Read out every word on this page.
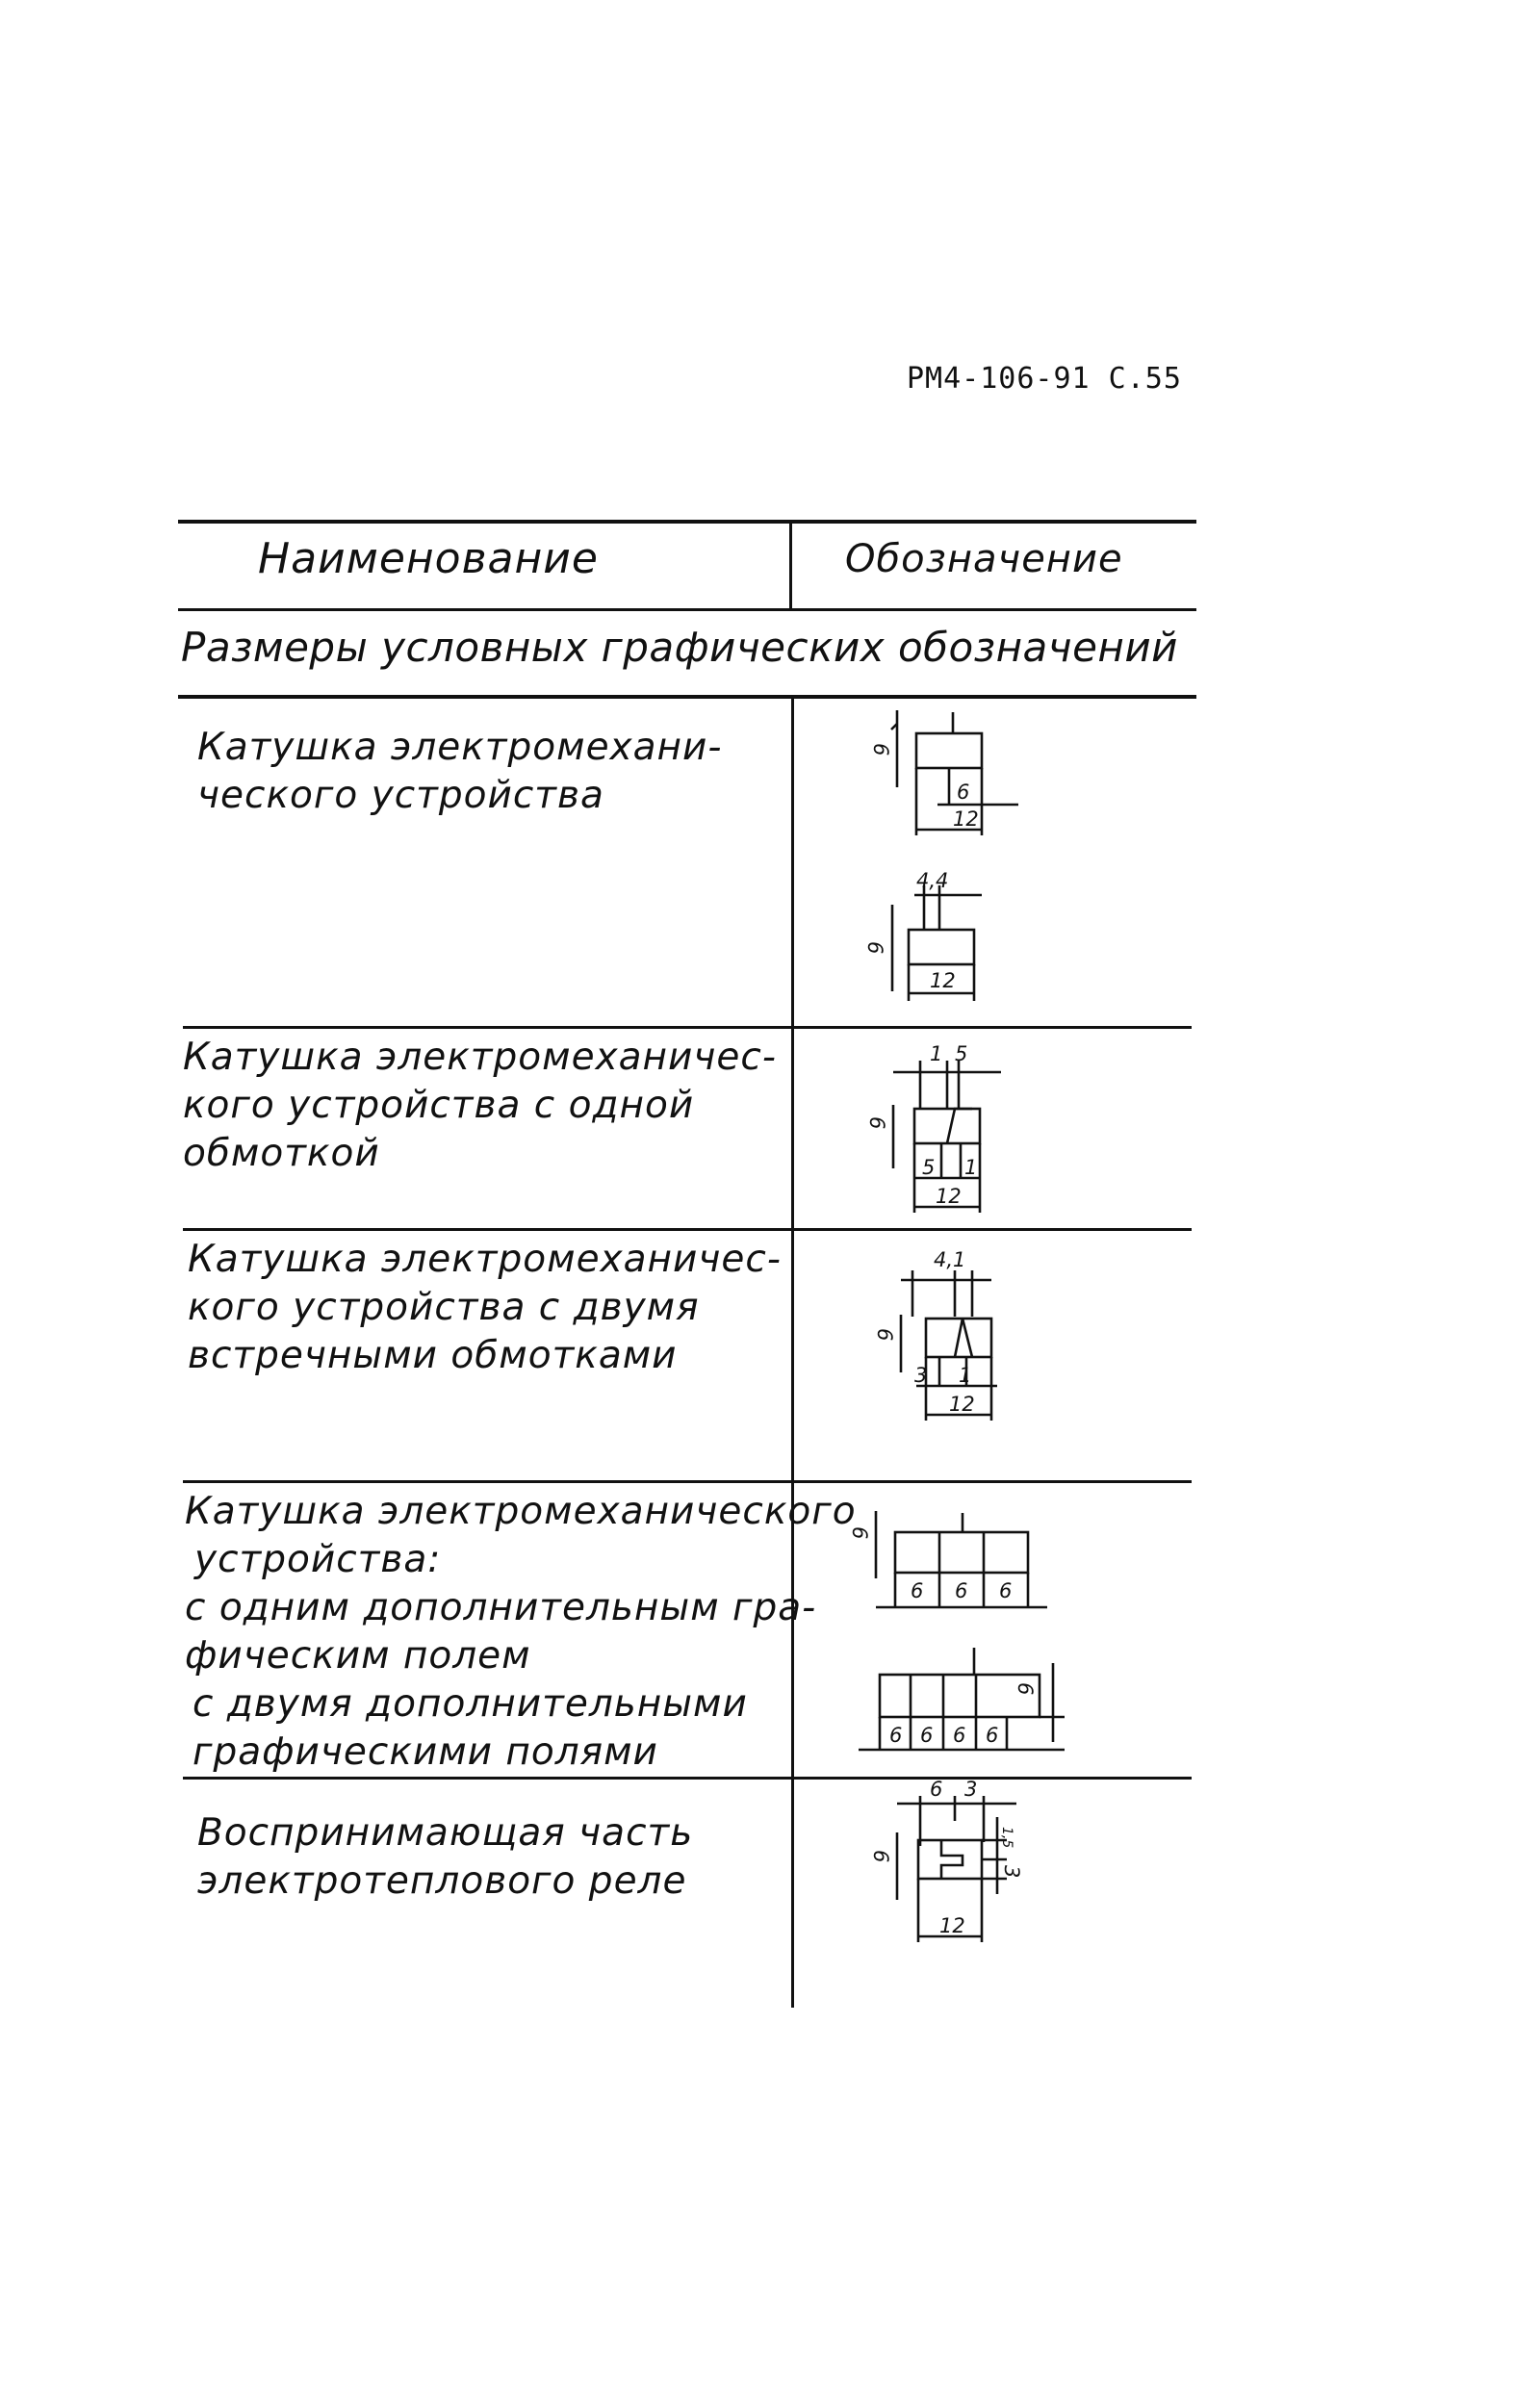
РМ4-106-91 С.55
Наименование	Обозначение
Размеры условных графических обозначений
Катушка электромехани-
ческого устройства
6
6
12
4,4
6
12
Катушка электромеханичес-
кого устройства с одной
обмоткой
1 5
6
5 1
12
Катушка электромеханичес-
кого устройства с двумя
встречными обмотками
4,1
6
3 1
12
Катушка электромеханического
устройства:
с одним дополнительным гра-
фическим полем
с двумя дополнительными
графическими полями
6
6 6 6
6
6 6 6 6
Воспринимающая часть
электротеплового реле
6 3
6
1,5
3
12
